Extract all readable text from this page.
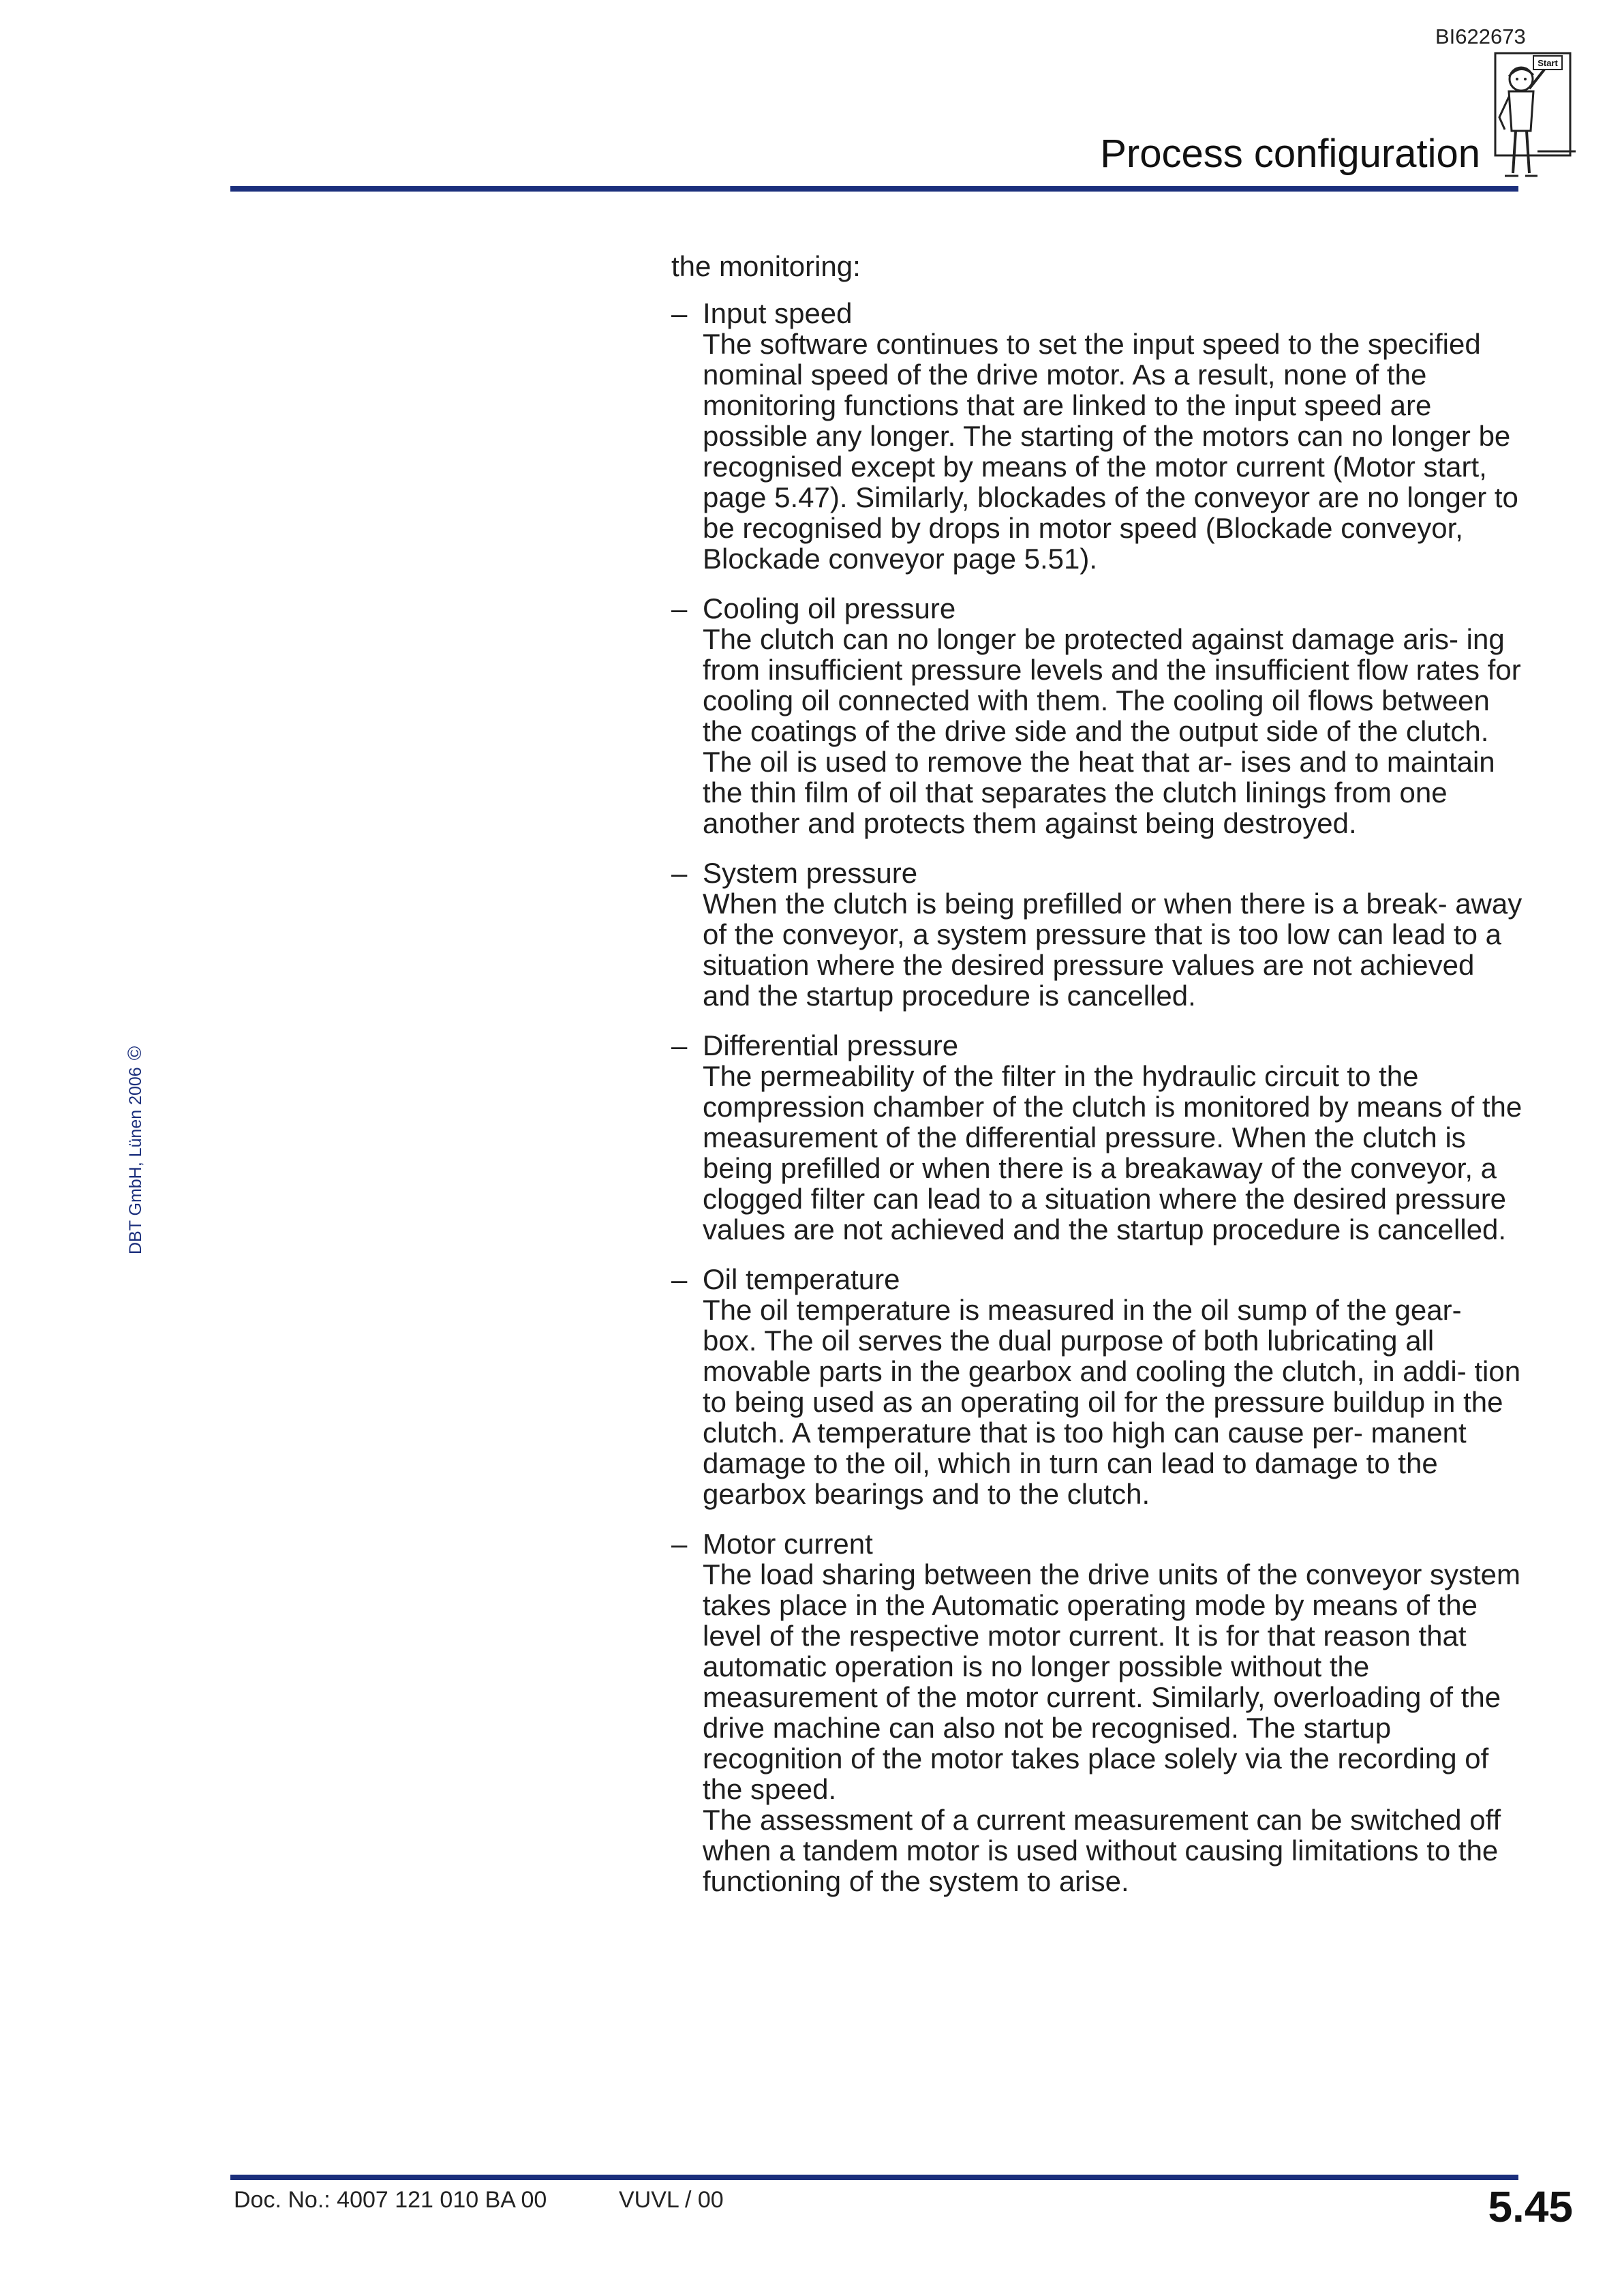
BI622673
Process configuration
Start
DBT GmbH, Lünen 2006©

the monitoring:

– Input speed
The software continues to set the input speed to the specified nominal speed of the drive motor. As a result, none of the monitoring functions that are linked to the input speed are possible any longer. The starting of the motors can no longer be recognised except by means of the motor current (Motor start, page 5.47). Similarly, blockades of the conveyor are no longer to be recognised by drops in motor speed (Blockade conveyor, Blockade conveyor page 5.51).
– Cooling oil pressure
The clutch can no longer be protected against damage aris- ing from insufficient pressure levels and the insufficient flow rates for cooling oil connected with them. The cooling oil flows between the coatings of the drive side and the output side of the clutch. The oil is used to remove the heat that ar- ises and to maintain the thin film of oil that separates the clutch linings from one another and protects them against being destroyed.
– System pressure
When the clutch is being prefilled or when there is a break- away of the conveyor, a system pressure that is too low can lead to a situation where the desired pressure values are not achieved and the startup procedure is cancelled.
– Differential pressure
The permeability of the filter in the hydraulic circuit to the compression chamber of the clutch is monitored by means of the measurement of the differential pressure. When the clutch is being prefilled or when there is a breakaway of the conveyor, a clogged filter can lead to a situation where the desired pressure values are not achieved and the startup procedure is cancelled.
– Oil temperature
The oil temperature is measured in the oil sump of the gear- box. The oil serves the dual purpose of both lubricating all movable parts in the gearbox and cooling the clutch, in addi- tion to being used as an operating oil for the pressure buildup in the clutch. A temperature that is too high can cause per- manent damage to the oil, which in turn can lead to damage to the gearbox bearings and to the clutch.
– Motor current
The load sharing between the drive units of the conveyor system takes place in the Automatic operating mode by means of the level of the respective motor current. It is for that reason that automatic operation is no longer possible without the measurement of the motor current. Similarly, overloading of the drive machine can also not be recognised. The startup recognition of the motor takes place solely via the recording of the speed.
The assessment of a current measurement can be switched off when a tandem motor is used without causing limitations to the functioning of the system to arise.
Doc. No.: 4007 121 010 BA 00	VUVL / 00	5.45
